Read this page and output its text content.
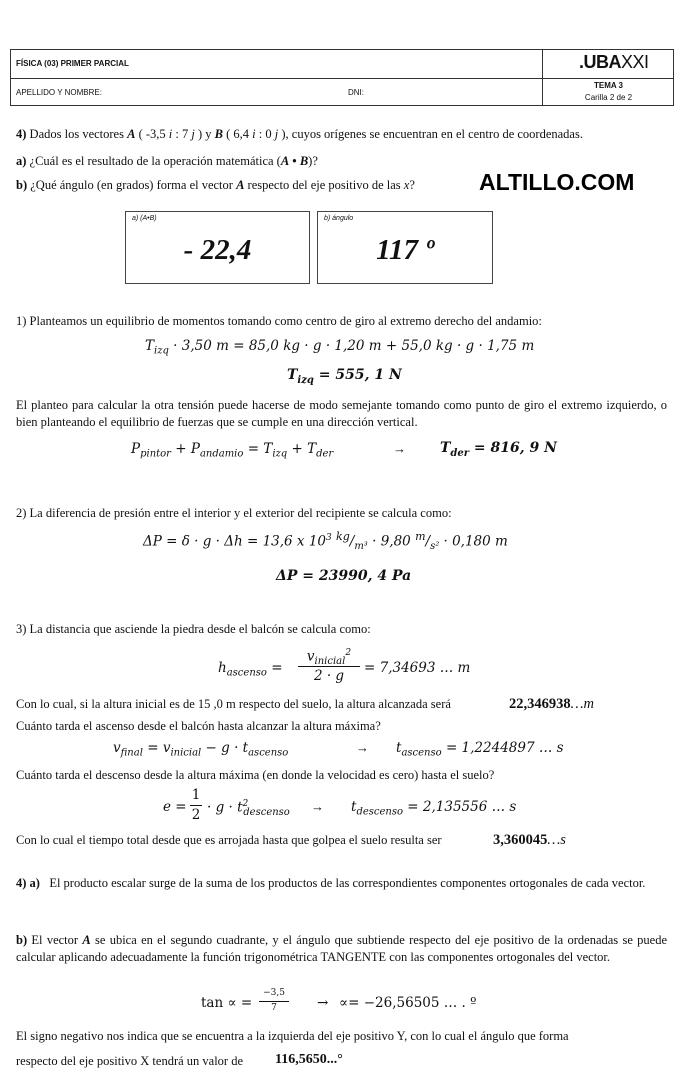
FÍSICA (03) PRIMER PARCIAL	.UBAXXI
APELLIDO Y NOMBRE:	DNI:
TEMA 3
Carilla 2 de 2
4) Dados los vectores A ( -3,5 i : 7 j ) y B ( 6,4 i : 0 j ), cuyos orígenes se encuentran en el centro de coordenadas.
a) ¿Cuál es el resultado de la operación matemática (A • B)?
b) ¿Qué ángulo (en grados) forma el vector A respecto del eje positivo de las x?	ALTILLO.COM
a) (A•B)
- 22,4
b) ángulo
117 º
1) Planteamos un equilibrio de momentos tomando como centro de giro al extremo derecho del andamio:
$T_{izq} \cdot 3,50$ m = 85,0 kg · g · 1,20 m + 55,0 kg · g · 1,75 m
$T_{izq} = 555$, 1 N
El planteo para calcular la otra tensión puede hacerse de modo semejante tomando como punto de giro el extremo izquierdo, o bien planteando el equilibrio de fuerzas que se cumple en una dirección vertical.
$P_{pintor} + P_{andamio} = T_{izq} + T_{der}$	→ $T_{der} = 816$, 9 N
2) La diferencia de presión entre el interior y el exterior del recipiente se calcula como:
ΔP = δ · g · Δh = 13,6 x $10^3$ $^{kg}/_{m^3} \cdot 9,80$ $^m/_{s^2} \cdot 0,180$ m
ΔP = 23990, 4 Pa
3) La distancia que asciende la piedra desde el balcón se calcula como:
$h_{ascenso}$ =
$v_{inicial}^2$
2 · g	= 7,34693 … m
Con lo cual, si la altura inicial es de 15 ,0 m respecto del suelo, la altura alcanzada será	22,346938…m
Cuánto tarda el ascenso desde el balcón hasta alcanzar la altura máxima?
$v_{final} = v_{inicial} - g \cdot t_{ascenso}$	→ $t_{ascenso} = 1,2244897$ … s
Cuánto tarda el descenso desde la altura máxima (en donde la velocidad es cero) hasta el suelo?
e =
1
$2 \cdot g \cdot t^2_{descenso} \to t_{descenso} = 2,135556$ … s
Con lo cual el tiempo total desde que es arrojada hasta que golpea el suelo resulta ser	3,360045…s
4) a)   El producto escalar surge de la suma de los productos de las correspondientes componentes ortogonales de cada vector.
b) El vector A se ubica en el segundo cuadrante, y el ángulo que subtiende respecto del eje positivo de la ordenadas se puede calcular aplicando adecuadamente la función trigonométrica TANGENTE con las componentes ortogonales del vector.
tan ∝ =
−3,5
7	→ ∝= −26,56505 … . º
El signo negativo nos indica que se encuentra a la izquierda del eje positivo Y, con lo cual el ángulo que forma
respecto del eje positivo X tendrá un valor de 116,5650...°
